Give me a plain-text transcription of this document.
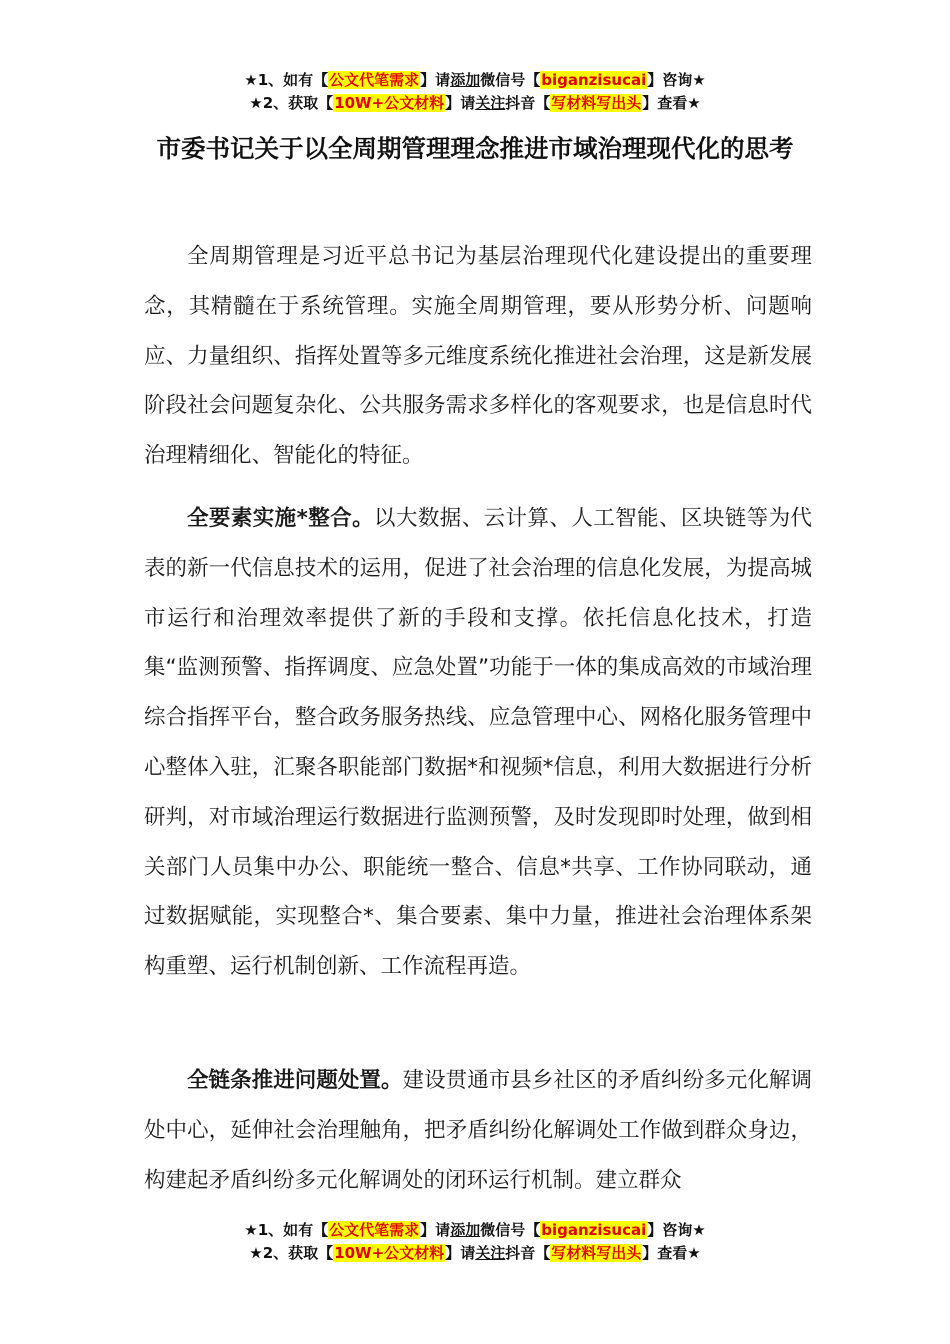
★1、如有【公文代笔需求】请添加微信号【biganzisucai】咨询★
★2、获取【10W+公文材料】请关注抖音【写材料写出头】查看★
市委书记关于以全周期管理理念推进市域治理现代化的思考

全周期管理是习近平总书记为基层治理现代化建设提出的重要理念，其精髓在于系统管理。实施全周期管理，要从形势分析、问题响应、力量组织、指挥处置等多元维度系统化推进社会治理，这是新发展阶段社会问题复杂化、公共服务需求多样化的客观要求，也是信息时代治理精细化、智能化的特征。

全要素实施*整合。以大数据、云计算、人工智能、区块链等为代表的新一代信息技术的运用，促进了社会治理的信息化发展，为提高城市运行和治理效率提供了新的手段和支撑。依托信息化技术，打造集“监测预警、指挥调度、应急处置”功能于一体的集成高效的市域治理综合指挥平台，整合政务服务热线、应急管理中心、网格化服务管理中心整体入驻，汇聚各职能部门数据*和视频*信息，利用大数据进行分析研判，对市域治理运行数据进行监测预警，及时发现即时处理，做到相关部门人员集中办公、职能统一整合、信息*共享、工作协同联动，通过数据赋能，实现整合*、集合要素、集中力量，推进社会治理体系架构重塑、运行机制创新、工作流程再造。

全链条推进问题处置。建设贯通市县乡社区的矛盾纠纷多元化解调处中心，延伸社会治理触角，把矛盾纠纷化解调处工作做到群众身边，构建起矛盾纠纷多元化解调处的闭环运行机制。建立群众

★1、如有【公文代笔需求】请添加微信号【biganzisucai】咨询★
★2、获取【10W+公文材料】请关注抖音【写材料写出头】查看★
